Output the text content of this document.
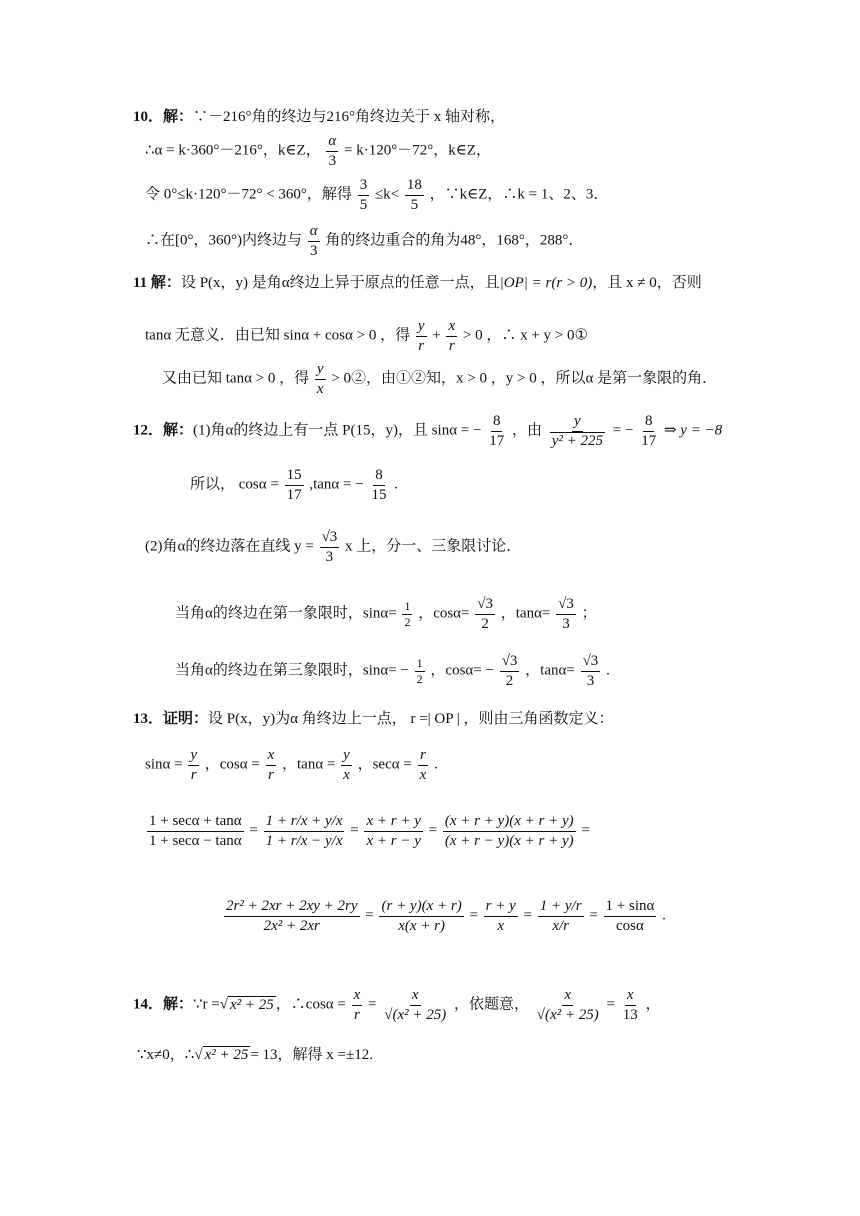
10．解：∵－216°角的终边与216°角终边关于 x 轴对称，
∴α = k·360°－216°，k∈Z， $\frac{\alpha}{3} = k\cdot 120^\circ-72^\circ$，k∈Z，
令 0°≤k·120°－72° < 360°，解得 $\frac{3}{5} \le k< \frac{18}{5}$ ，∵k∈Z，∴k = 1、2、3．
∴在[0°，360°)内终边与 $\frac{\alpha}{3}$ 角的终边重合的角为48°，168°，288°．
11 解：设 P(x，y) 是角α终边上异于原点的任意一点，且|OP| = r(r > 0)，且 x ≠ 0，否则
tanα 无意义．由已知 sinα + cosα > 0 ，得 $\frac{y}{r} + \frac{x}{r} > 0$ ，∴ x + y > 0①
又由已知 tanα > 0 ，得 $\frac{y}{x}$ > 0②，由①②知，x > 0 ，y > 0 ，所以α 是第一象限的角．
12．解：(1)角α的终边上有一点 P(15，y)，且 sinα = − $\frac{8}{17}$ ，由 $\frac{y}{\text{y² + 225}}$ = − $\frac{8}{17}$ ⇒ y = −8
所以， $\cos\alpha = \frac{15}{17} ,\tan\alpha$ = − $\frac{8}{15}$ .
(2)角α的终边落在直线 $y = \frac{√3}{3}$ x 上，分一、三象限讨论．
当角α的终边在第一象限时，$\sin\alpha= \frac{1}{2}$ ，$\cos\alpha= \frac{√3}{2}$ ，$\tan\alpha= \frac{√3}{3}$ ；
当角α的终边在第三象限时，$\sin\alpha= - \frac{1}{2}$ ，$\cos\alpha= - \frac{√3}{2}$ ，$\tan\alpha= \frac{√3}{3}$ .
13．证明：设 P(x，y)为α 角终边上一点， r =| OP | ，则由三角函数定义：
$\sin\alpha = \frac{y}{r}$ ，$\cos\alpha = \frac{x}{r}$ ，$\tan\alpha = \frac{y}{x}$ ，$\sec\alpha = \frac{r}{x}$ .
1 + secα + tanα
1 + secα − tanα
= $\frac{1 + r/x + y/x}{1 + r/x - y/x} = \frac{x + r + y}{x + r - y} = \frac{(x + r + y)(x + r + y)}{(x + r - y)(x + r + y)}$ =
$\frac{\text{2r² + 2xr + 2xy + 2ry}}{\text{2x² + 2xr}} = \frac{(r + y)(x + r)}{x(x + r)} = \frac{r + y}{x} = \frac{1 + y/r}{x/r} = \frac{1 + \sin\alpha}{\cos\alpha}$ .
14．解：∵r =√ x² + 25 ，∴cosα = $\frac{x}{r} = \frac{x}{\text{√(x² + 25)}}$ ，依题意， $\frac{x}{\text{√(x² + 25)}} = \frac{x}{13}$ ，
∵x≠0，∴√ x² + 25 = 13，解得 x =±12.
